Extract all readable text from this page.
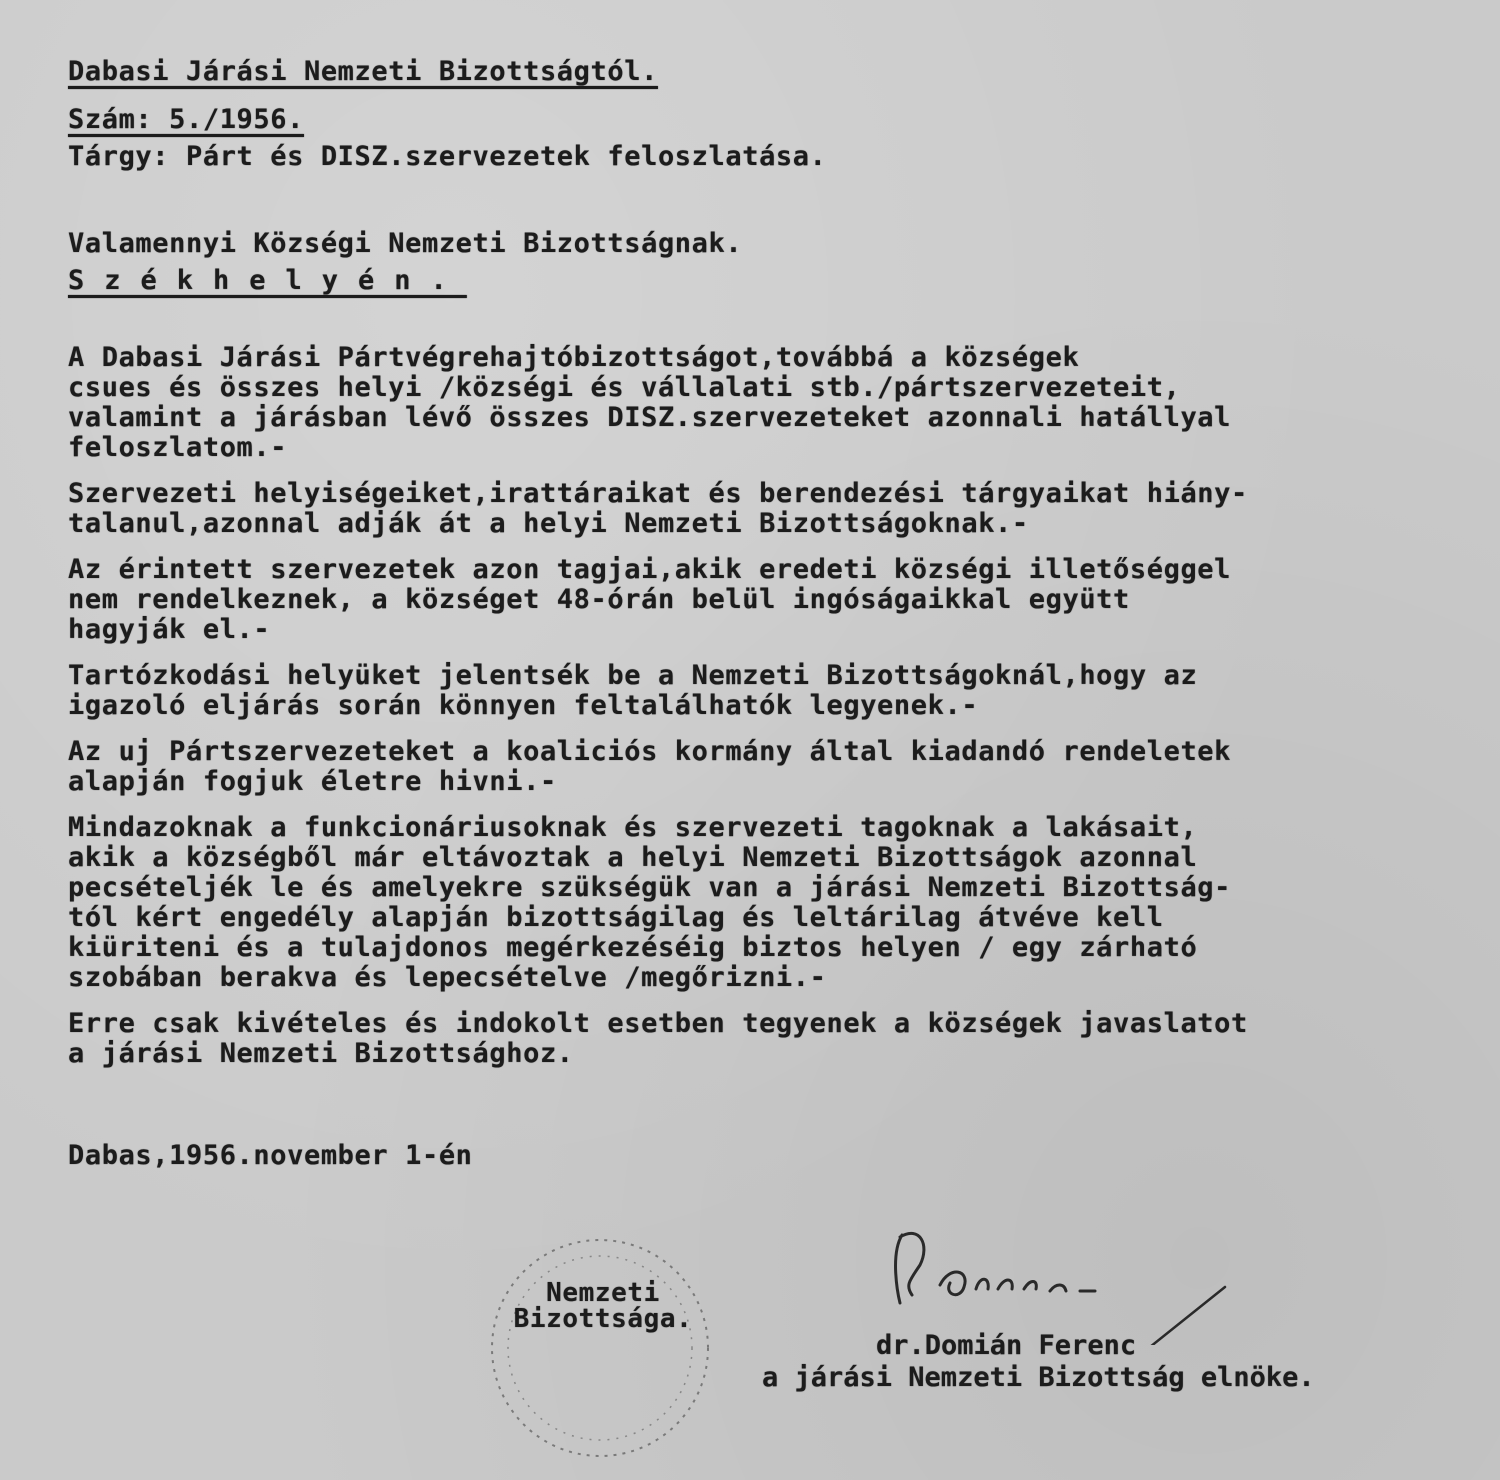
Dabasi Járási Nemzeti Bizottságtól.
Szám: 5./1956.
Tárgy: Párt és DISZ.szervezetek feloszlatása.
Valamennyi Községi Nemzeti Bizottságnak.
Székhelyén.
A Dabasi Járási Pártvégrehajtóbizottságot,továbbá a községek
csues és összes helyi /községi és vállalati stb./pártszervezeteit,
valamint a járásban lévő összes DISZ.szervezeteket azonnali hatállyal
feloszlatom.-
Szervezeti helyiségeiket,irattáraikat és berendezési tárgyaikat hiány-
talanul,azonnal adják át a helyi Nemzeti Bizottságoknak.-
Az érintett szervezetek azon tagjai,akik eredeti községi illetőséggel
nem rendelkeznek, a községet 48-órán belül ingóságaikkal együtt
hagyják el.-
Tartózkodási helyüket jelentsék be a Nemzeti Bizottságoknál,hogy az
igazoló eljárás során könnyen feltalálhatók legyenek.-
Az uj Pártszervezeteket a koaliciós kormány által kiadandó rendeletek
alapján fogjuk életre hivni.-
Mindazoknak a funkcionáriusoknak és szervezeti tagoknak a lakásait,
akik a községből már eltávoztak a helyi Nemzeti Bizottságok azonnal
pecsételjék le és amelyekre szükségük van a járási Nemzeti Bizottság-
tól kért engedély alapján bizottságilag és leltárilag átvéve kell
kiüriteni és a tulajdonos megérkezéséig biztos helyen / egy zárható
szobában berakva és lepecsételve /megőrizni.-
Erre csak kivételes és indokolt esetben tegyenek a községek javaslatot
a járási Nemzeti Bizottsághoz.
Dabas,1956.november 1-én
Nemzeti
Bizottsága.
dr.Domián Ferenc
a járási Nemzeti Bizottság elnöke.
